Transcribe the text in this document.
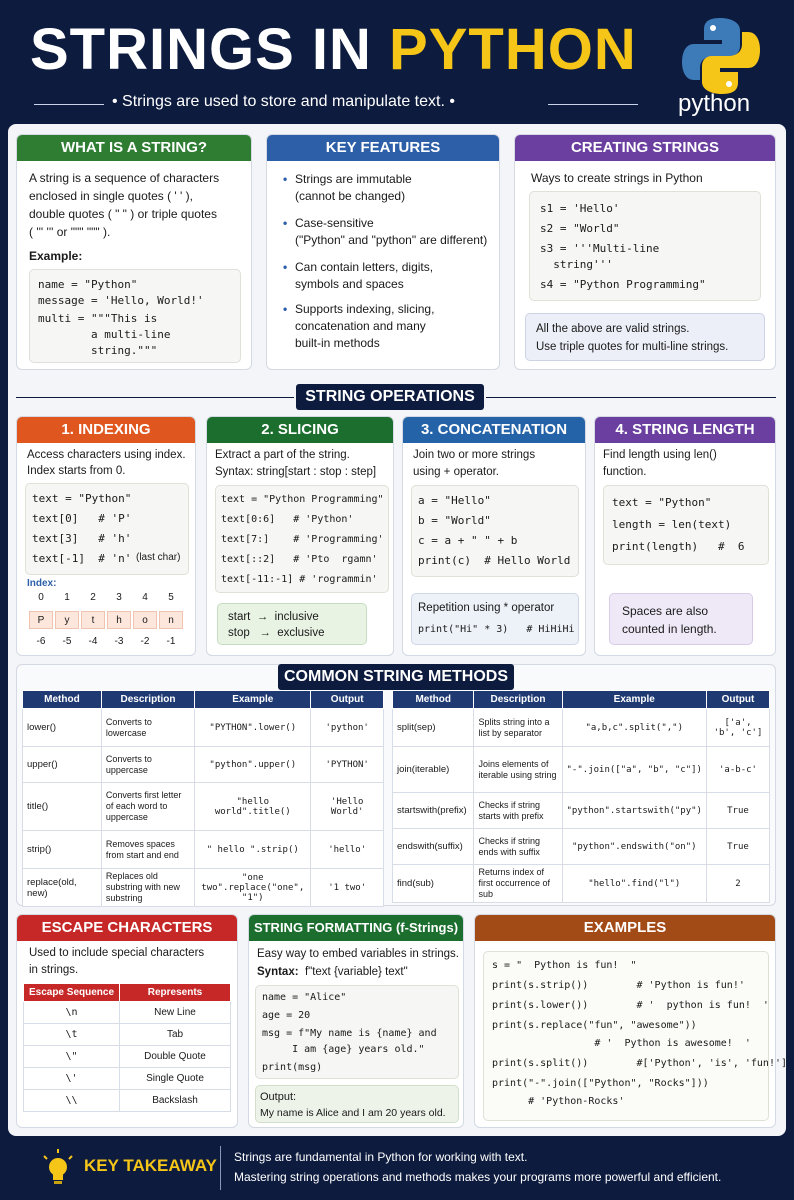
STRINGS IN PYTHON
• Strings are used to store and manipulate text. •	python
WHAT IS A STRING?
A string is a sequence of characters
enclosed in single quotes ( ' ' ),
double quotes ( " " ) or triple quotes
( ''' ''' or """ """ ).
Example:
name = "Python"
message = 'Hello, World!'
multi = """This is
a multi-line
string."""
KEY FEATURES
• Strings are immutable
(cannot be changed)
• Case-sensitive
("Python" and "python" are different)
• Can contain letters, digits,
symbols and spaces
• Supports indexing, slicing,
concatenation and many
built-in methods
CREATING STRINGS
Ways to create strings in Python
s1 = 'Hello'
s2 = "World"
s3 = '''Multi-line
string'''
s4 = "Python Programming"
All the above are valid strings.
Use triple quotes for multi-line strings.
STRING OPERATIONS
1. INDEXING
Access characters using index.
Index starts from 0.
text = "Python"
text[0]   # 'P'
text[3]   # 'h'
text[-1]  # 'n' (last char)
Index:
0	1	2	3	4	5
P	y	t	h	o	n
-6	-5	-4	-3	-2	-1
2. SLICING
Extract a part of the string.
Syntax: string[start : stop : step]
text = "Python Programming"
text[0:6]   # 'Python'
text[7:]    # 'Programming'
text[::2]   # 'Pto  rgamn'
text[-11:-1] # 'rogrammin'
start  →  inclusive
stop   →  exclusive
3. CONCATENATION
Join two or more strings
using + operator.
a = "Hello"
b = "World"
c = a + " " + b
print(c)  # Hello World
Repetition using * operator
print("Hi" * 3)   # HiHiHi
4. STRING LENGTH
Find length using len()
function.
text = "Python"
length = len(text)
print(length)   #  6
Spaces are also
counted in length.
COMMON STRING METHODS
Method	Description	Example	Output
lower()	Converts to lowercase	"PYTHON".lower()	'python'
upper()	Converts to uppercase	"python".upper()	'PYTHON'
title()	Converts first letter of each word to uppercase	"hello world".title()	'Hello World'
strip()	Removes spaces from start and end	" hello ".strip()	'hello'
replace(old, new)	Replaces old substring with new substring	"one two".replace("one", "1")	'1 two'
Method	Description	Example	Output
split(sep)	Splits string into a list by separator	"a,b,c".split(",")	['a', 'b', 'c']
join(iterable)	Joins elements of iterable using string	"-".join(["a", "b", "c"])	'a-b-c'
startswith(prefix)	Checks if string starts with prefix	"python".startswith("py")	True
endswith(suffix)	Checks if string ends with suffix	"python".endswith("on")	True
find(sub)	Returns index of first occurrence of sub	"hello".find("l")	2
ESCAPE CHARACTERS
Used to include special characters
in strings.
Escape Sequence	Represents
\n	New Line
\t	Tab
\"	Double Quote
\'	Single Quote
\\	Backslash
STRING FORMATTING (f-Strings)
Easy way to embed variables in strings.
Syntax: f"text {variable} text"
name = "Alice"
age = 20
msg = f"My name is {name} and
I am {age} years old."
print(msg)
Output:
My name is Alice and I am 20 years old.
EXAMPLES
s = "  Python is fun!  "
print(s.strip())        # 'Python is fun!'
print(s.lower())        # '  python is fun!  '
print(s.replace("fun", "awesome"))
# '  Python is awesome!  '
print(s.split())        #['Python', 'is', 'fun!']
print("-".join(["Python", "Rocks"]))
# 'Python-Rocks'
KEY TAKEAWAY Strings are fundamental in Python for working with text.
Mastering string operations and methods makes your programs more powerful and efficient.
